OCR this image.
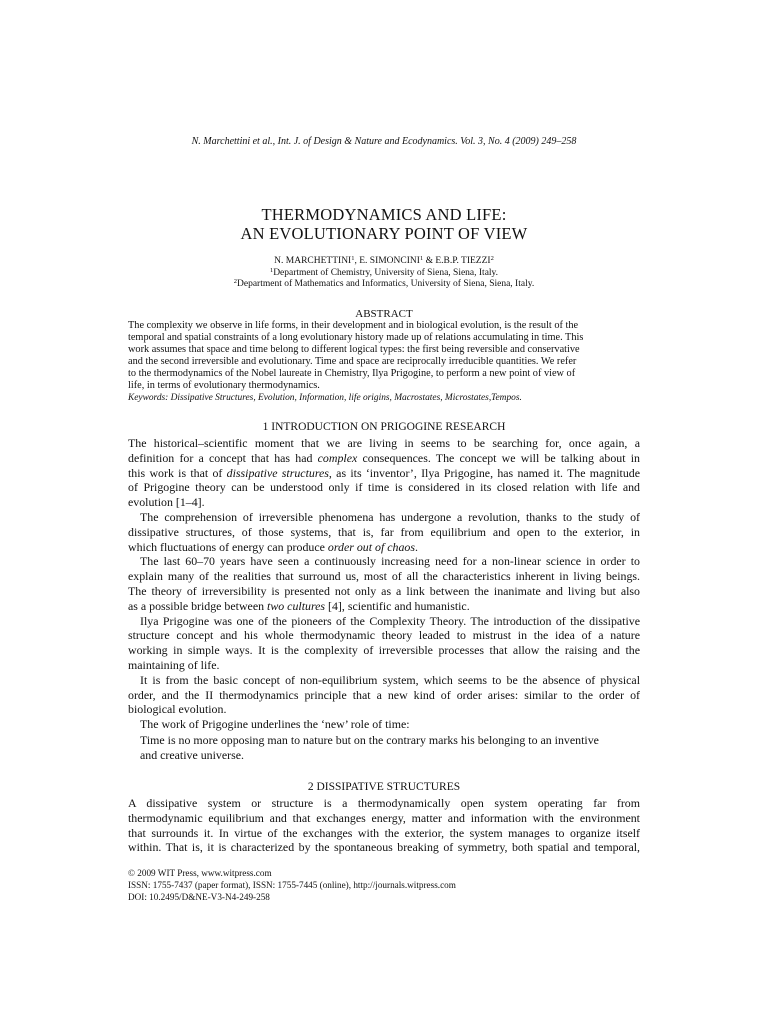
N. Marchettini et al., Int. J. of Design & Nature and Ecodynamics. Vol. 3, No. 4 (2009) 249–258
THERMODYNAMICS AND LIFE:
AN EVOLUTIONARY POINT OF VIEW
N. MARCHETTINI$^1$, E. SIMONCINI$^1$ & E.B.P. TIEZZI$^2$
$^1$Department of Chemistry, University of Siena, Siena, Italy.
$^2$Department of Mathematics and Informatics, University of Siena, Siena, Italy.
ABSTRACT
The complexity we observe in life forms, in their development and in biological evolution, is the result of the
temporal and spatial constraints of a long evolutionary history made up of relations accumulating in time. This
work assumes that space and time belong to different logical types: the first being reversible and conservative
and the second irreversible and evolutionary. Time and space are reciprocally irreducible quantities. We refer
to the thermodynamics of the Nobel laureate in Chemistry, Ilya Prigogine, to perform a new point of view of
life, in terms of evolutionary thermodynamics.
Keywords: Dissipative Structures, Evolution, Information, life origins, Macrostates, Microstates,Tempos.
1 INTRODUCTION ON PRIGOGINE RESEARCH
The historical–scientific moment that we are living in seems to be searching for, once again, a
definition for a concept that has had complex consequences. The concept we will be talking about in
this work is that of dissipative structures, as its ‘inventor’, Ilya Prigogine, has named it. The magnitude
of Prigogine theory can be understood only if time is considered in its closed relation with life and
evolution [1–4].
The comprehension of irreversible phenomena has undergone a revolution, thanks to the study of
dissipative structures, of those systems, that is, far from equilibrium and open to the exterior, in
which fluctuations of energy can produce order out of chaos.
The last 60–70 years have seen a continuously increasing need for a non-linear science in order to
explain many of the realities that surround us, most of all the characteristics inherent in living beings.
The theory of irreversibility is presented not only as a link between the inanimate and living but also
as a possible bridge between two cultures [4], scientific and humanistic.
Ilya Prigogine was one of the pioneers of the Complexity Theory. The introduction of the dissipative
structure concept and his whole thermodynamic theory leaded to mistrust in the idea of a nature
working in simple ways. It is the complexity of irreversible processes that allow the raising and the
maintaining of life.
It is from the basic concept of non-equilibrium system, which seems to be the absence of physical
order, and the II thermodynamics principle that a new kind of order arises: similar to the order of
biological evolution.
The work of Prigogine underlines the ‘new’ role of time:
Time is no more opposing man to nature but on the contrary marks his belonging to an inventive
and creative universe.
2 DISSIPATIVE STRUCTURES
A dissipative system or structure is a thermodynamically open system operating far from
thermodynamic equilibrium and that exchanges energy, matter and information with the environment
that surrounds it. In virtue of the exchanges with the exterior, the system manages to organize itself
within. That is, it is characterized by the spontaneous breaking of symmetry, both spatial and temporal,
© 2009 WIT Press, www.witpress.com
ISSN: 1755-7437 (paper format), ISSN: 1755-7445 (online), http://journals.witpress.com
DOI: 10.2495/D&NE-V3-N4-249-258
